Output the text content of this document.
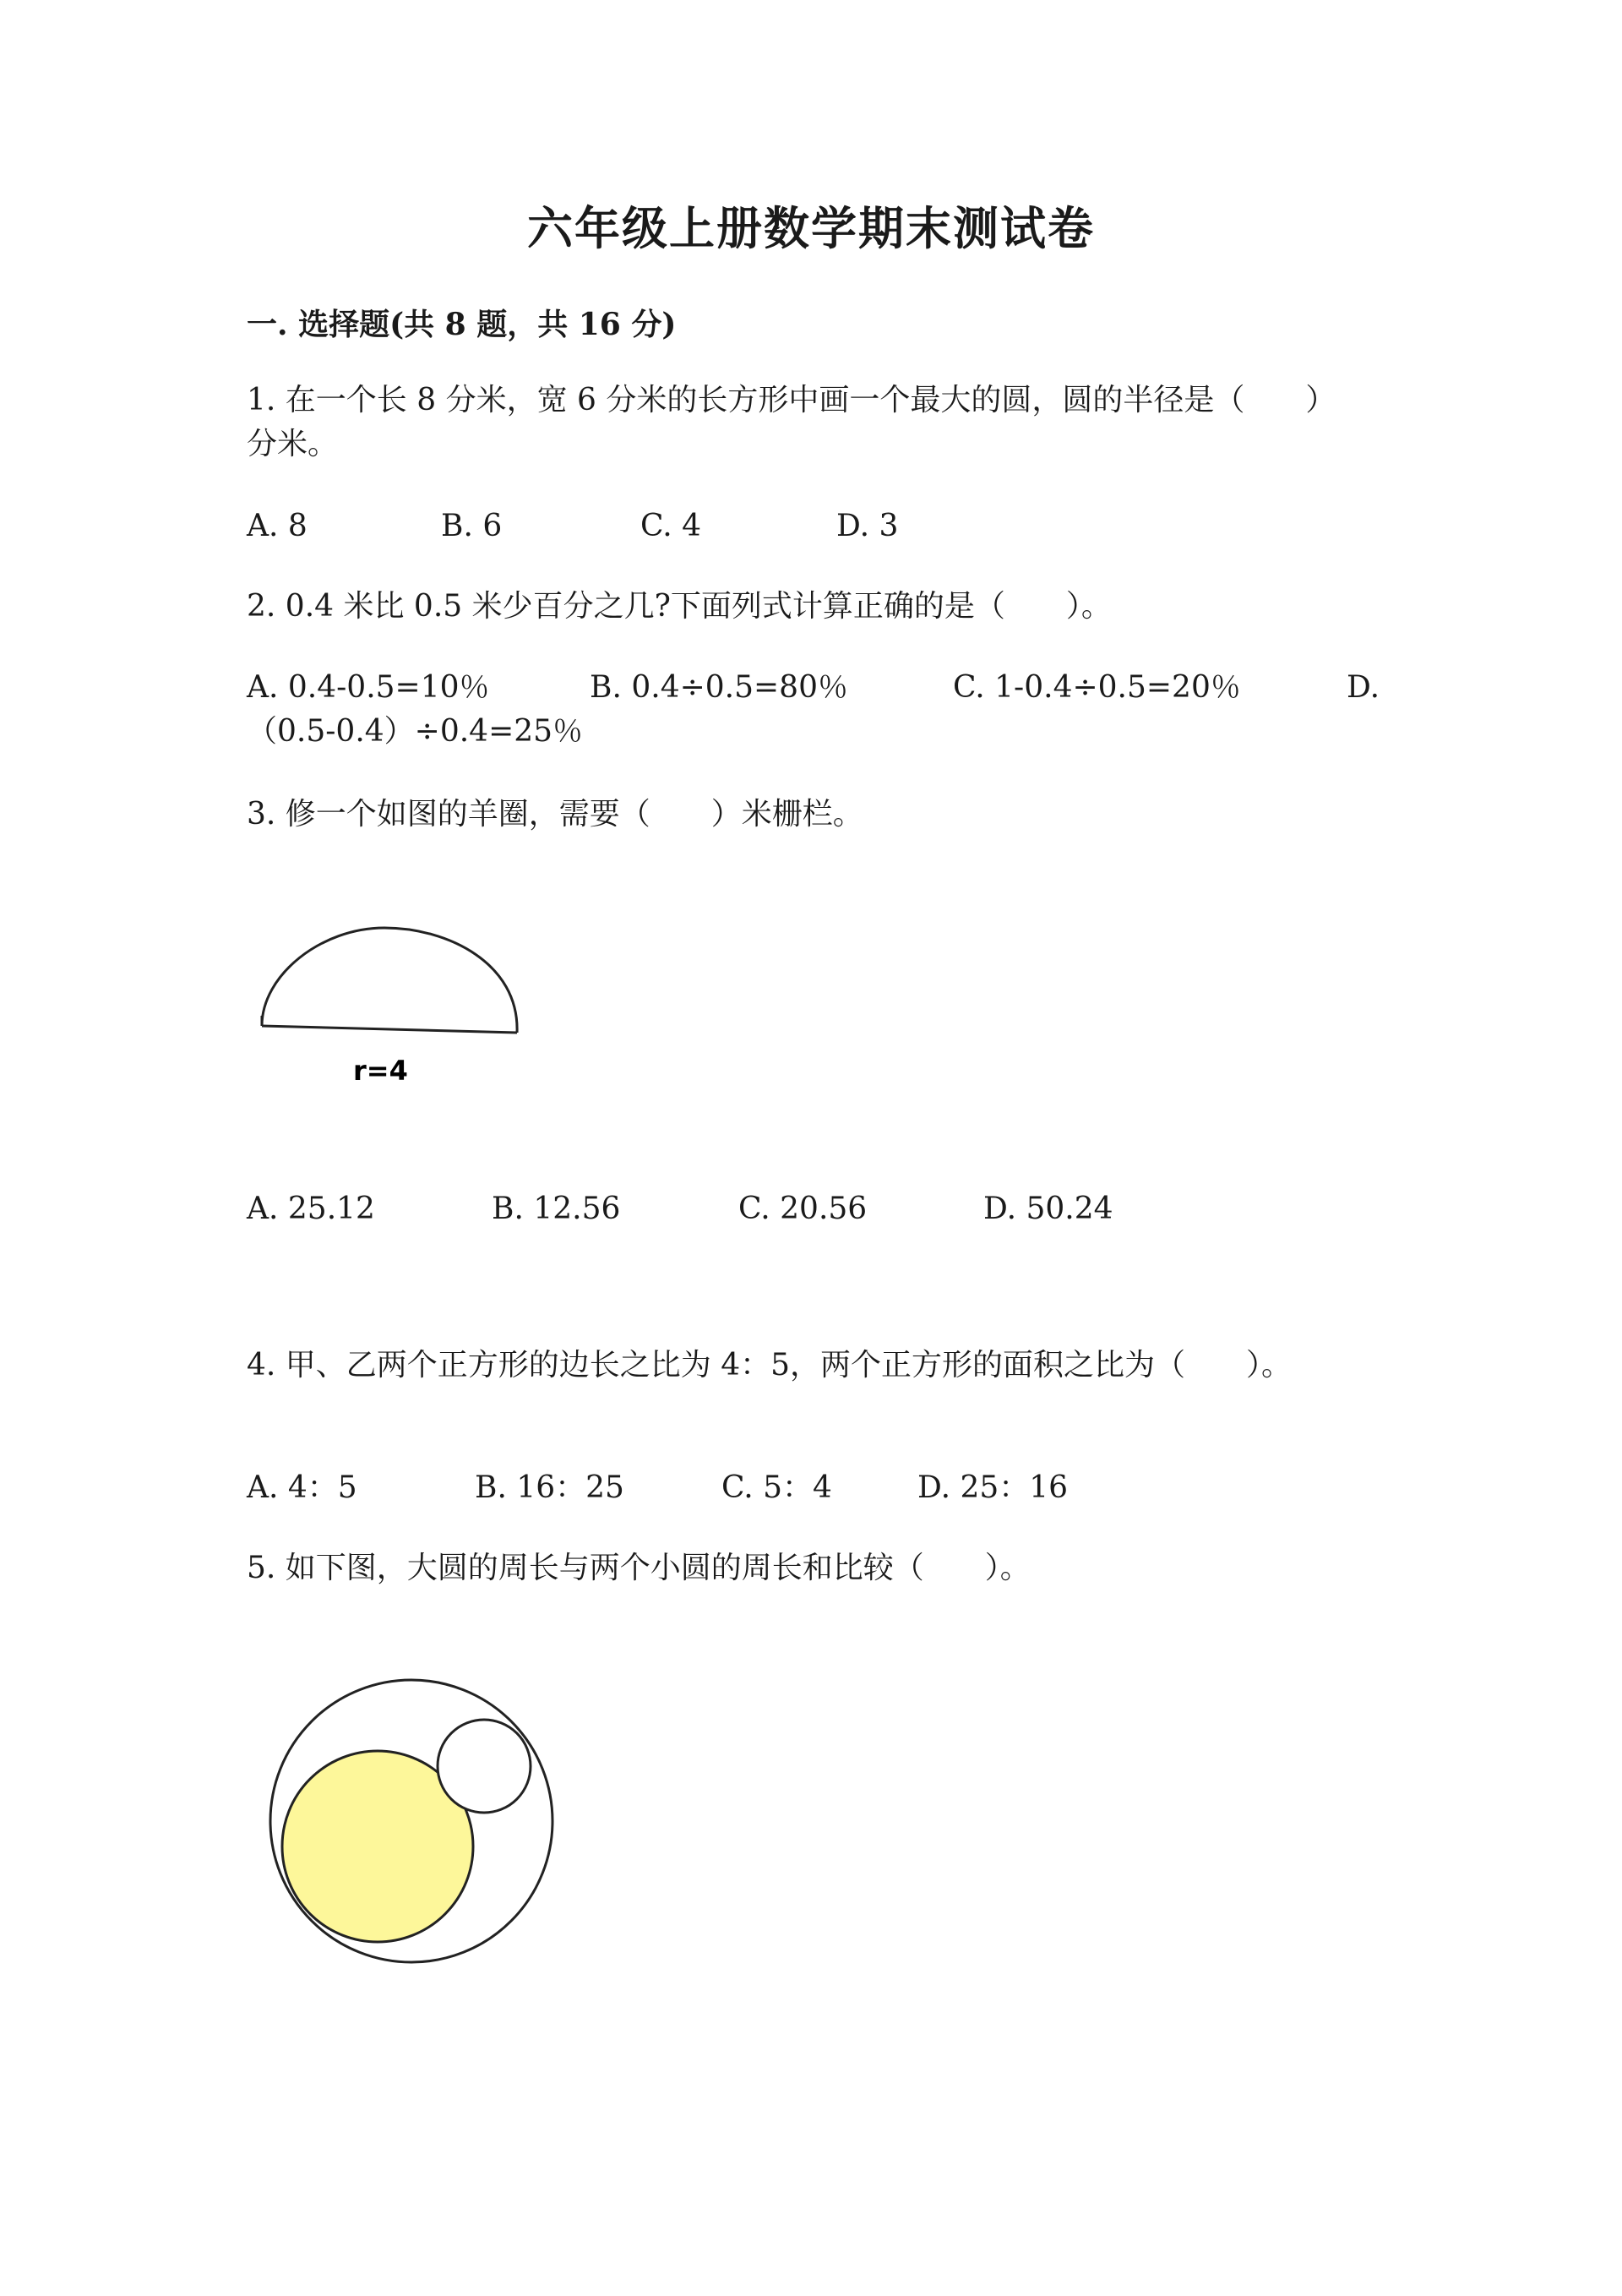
六年级上册数学期末测试卷
一. 选择题(共 8 题，共 16 分)
1. 在一个长 8 分米，宽 6 分米的长方形中画一个最大的圆，圆的半径是（　　）
分米。
A. 8	B. 6	C. 4	D. 3
2. 0.4 米比 0.5 米少百分之几?下面列式计算正确的是（　　）。
A. 0.4-0.5=10％	B. 0.4÷0.5=80％	C. 1-0.4÷0.5=20％	D.
（0.5-0.4）÷0.4=25％
3. 修一个如图的羊圈，需要（　　）米栅栏。
r=4
A. 25.12	B. 12.56	C. 20.56	D. 50.24
4. 甲、乙两个正方形的边长之比为 4：5，两个正方形的面积之比为（　　）。
A. 4：5	B. 16：25	C. 5：4	D. 25：16
5. 如下图，大圆的周长与两个小圆的周长和比较（　　）。
